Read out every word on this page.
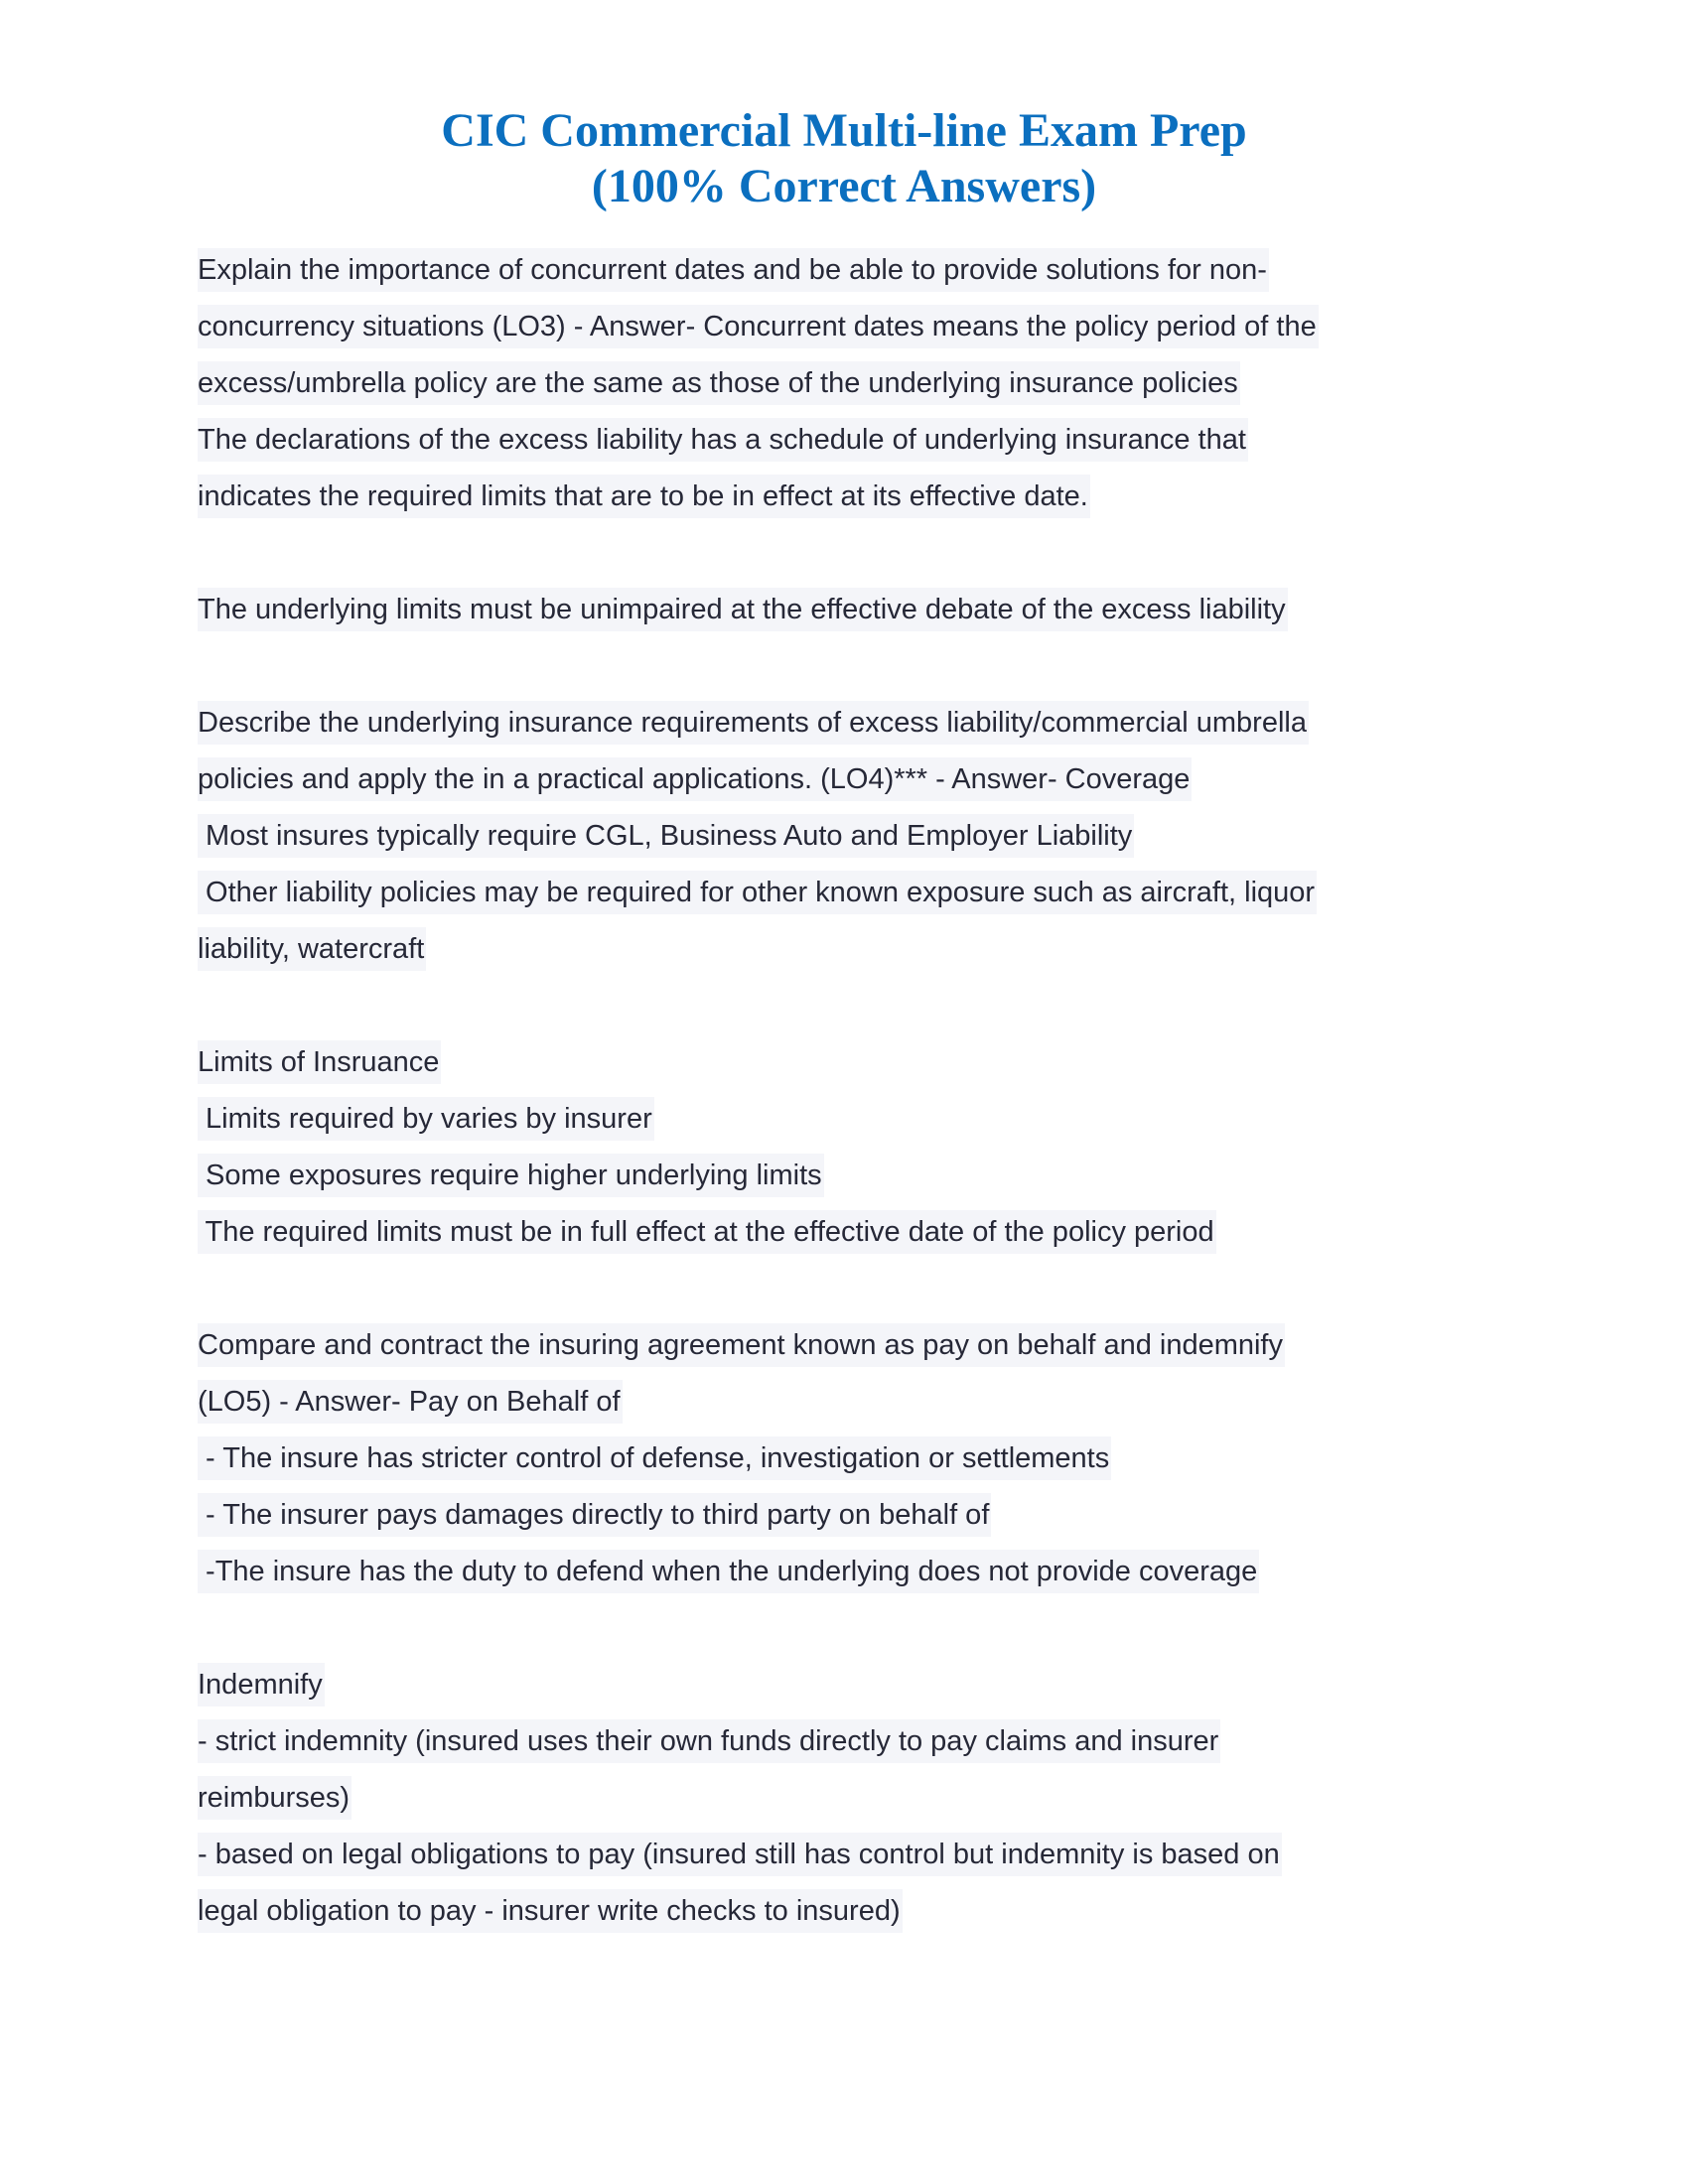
CIC Commercial Multi-line Exam Prep
(100% Correct Answers)
Explain the importance of concurrent dates and be able to provide solutions for non-
concurrency situations (LO3) - Answer- Concurrent dates means the policy period of the
excess/umbrella policy are the same as those of the underlying insurance policies
The declarations of the excess liability has a schedule of underlying insurance that
indicates the required limits that are to be in effect at its effective date.
The underlying limits must be unimpaired at the effective debate of the excess liability
Describe the underlying insurance requirements of excess liability/commercial umbrella
policies and apply the in a practical applications. (LO4)*** - Answer- Coverage
Most insures typically require CGL, Business Auto and Employer Liability
Other liability policies may be required for other known exposure such as aircraft, liquor
liability, watercraft
Limits of Insruance
Limits required by varies by insurer
Some exposures require higher underlying limits
The required limits must be in full effect at the effective date of the policy period
Compare and contract the insuring agreement known as pay on behalf and indemnify
(LO5) - Answer- Pay on Behalf of
- The insure has stricter control of defense, investigation or settlements
- The insurer pays damages directly to third party on behalf of
-The insure has the duty to defend when the underlying does not provide coverage
Indemnify
- strict indemnity (insured uses their own funds directly to pay claims and insurer
reimburses)
- based on legal obligations to pay (insured still has control but indemnity is based on
legal obligation to pay - insurer write checks to insured)
